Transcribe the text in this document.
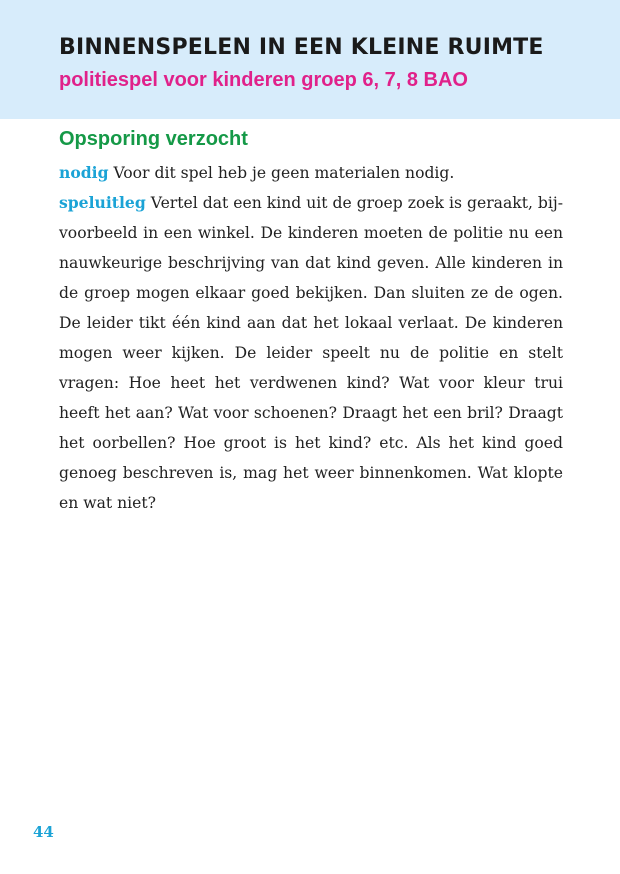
BINNENSPELEN IN EEN KLEINE RUIMTE
politiespel voor kinderen groep 6, 7, 8 BAO
Opsporing verzocht

nodig Voor dit spel heb je geen materialen nodig.

speluitleg Vertel dat een kind uit de groep zoek is geraakt, bijvoorbeeld in een winkel. De kinderen moeten de politie nu een nauwkeurige beschrijving van dat kind geven. Alle kinderen in de groep mogen elkaar goed bekijken. Dan sluiten ze de ogen. De leider tikt één kind aan dat het lokaal verlaat. De kinderen mogen weer kijken. De leider speelt nu de politie en stelt vragen: Hoe heet het verdwenen kind? Wat voor kleur trui heeft het aan? Wat voor schoenen? Draagt het een bril? Draagt het oorbellen? Hoe groot is het kind? etc. Als het kind goed genoeg beschreven is, mag het weer binnenkomen. Wat klopte en wat niet?

44
